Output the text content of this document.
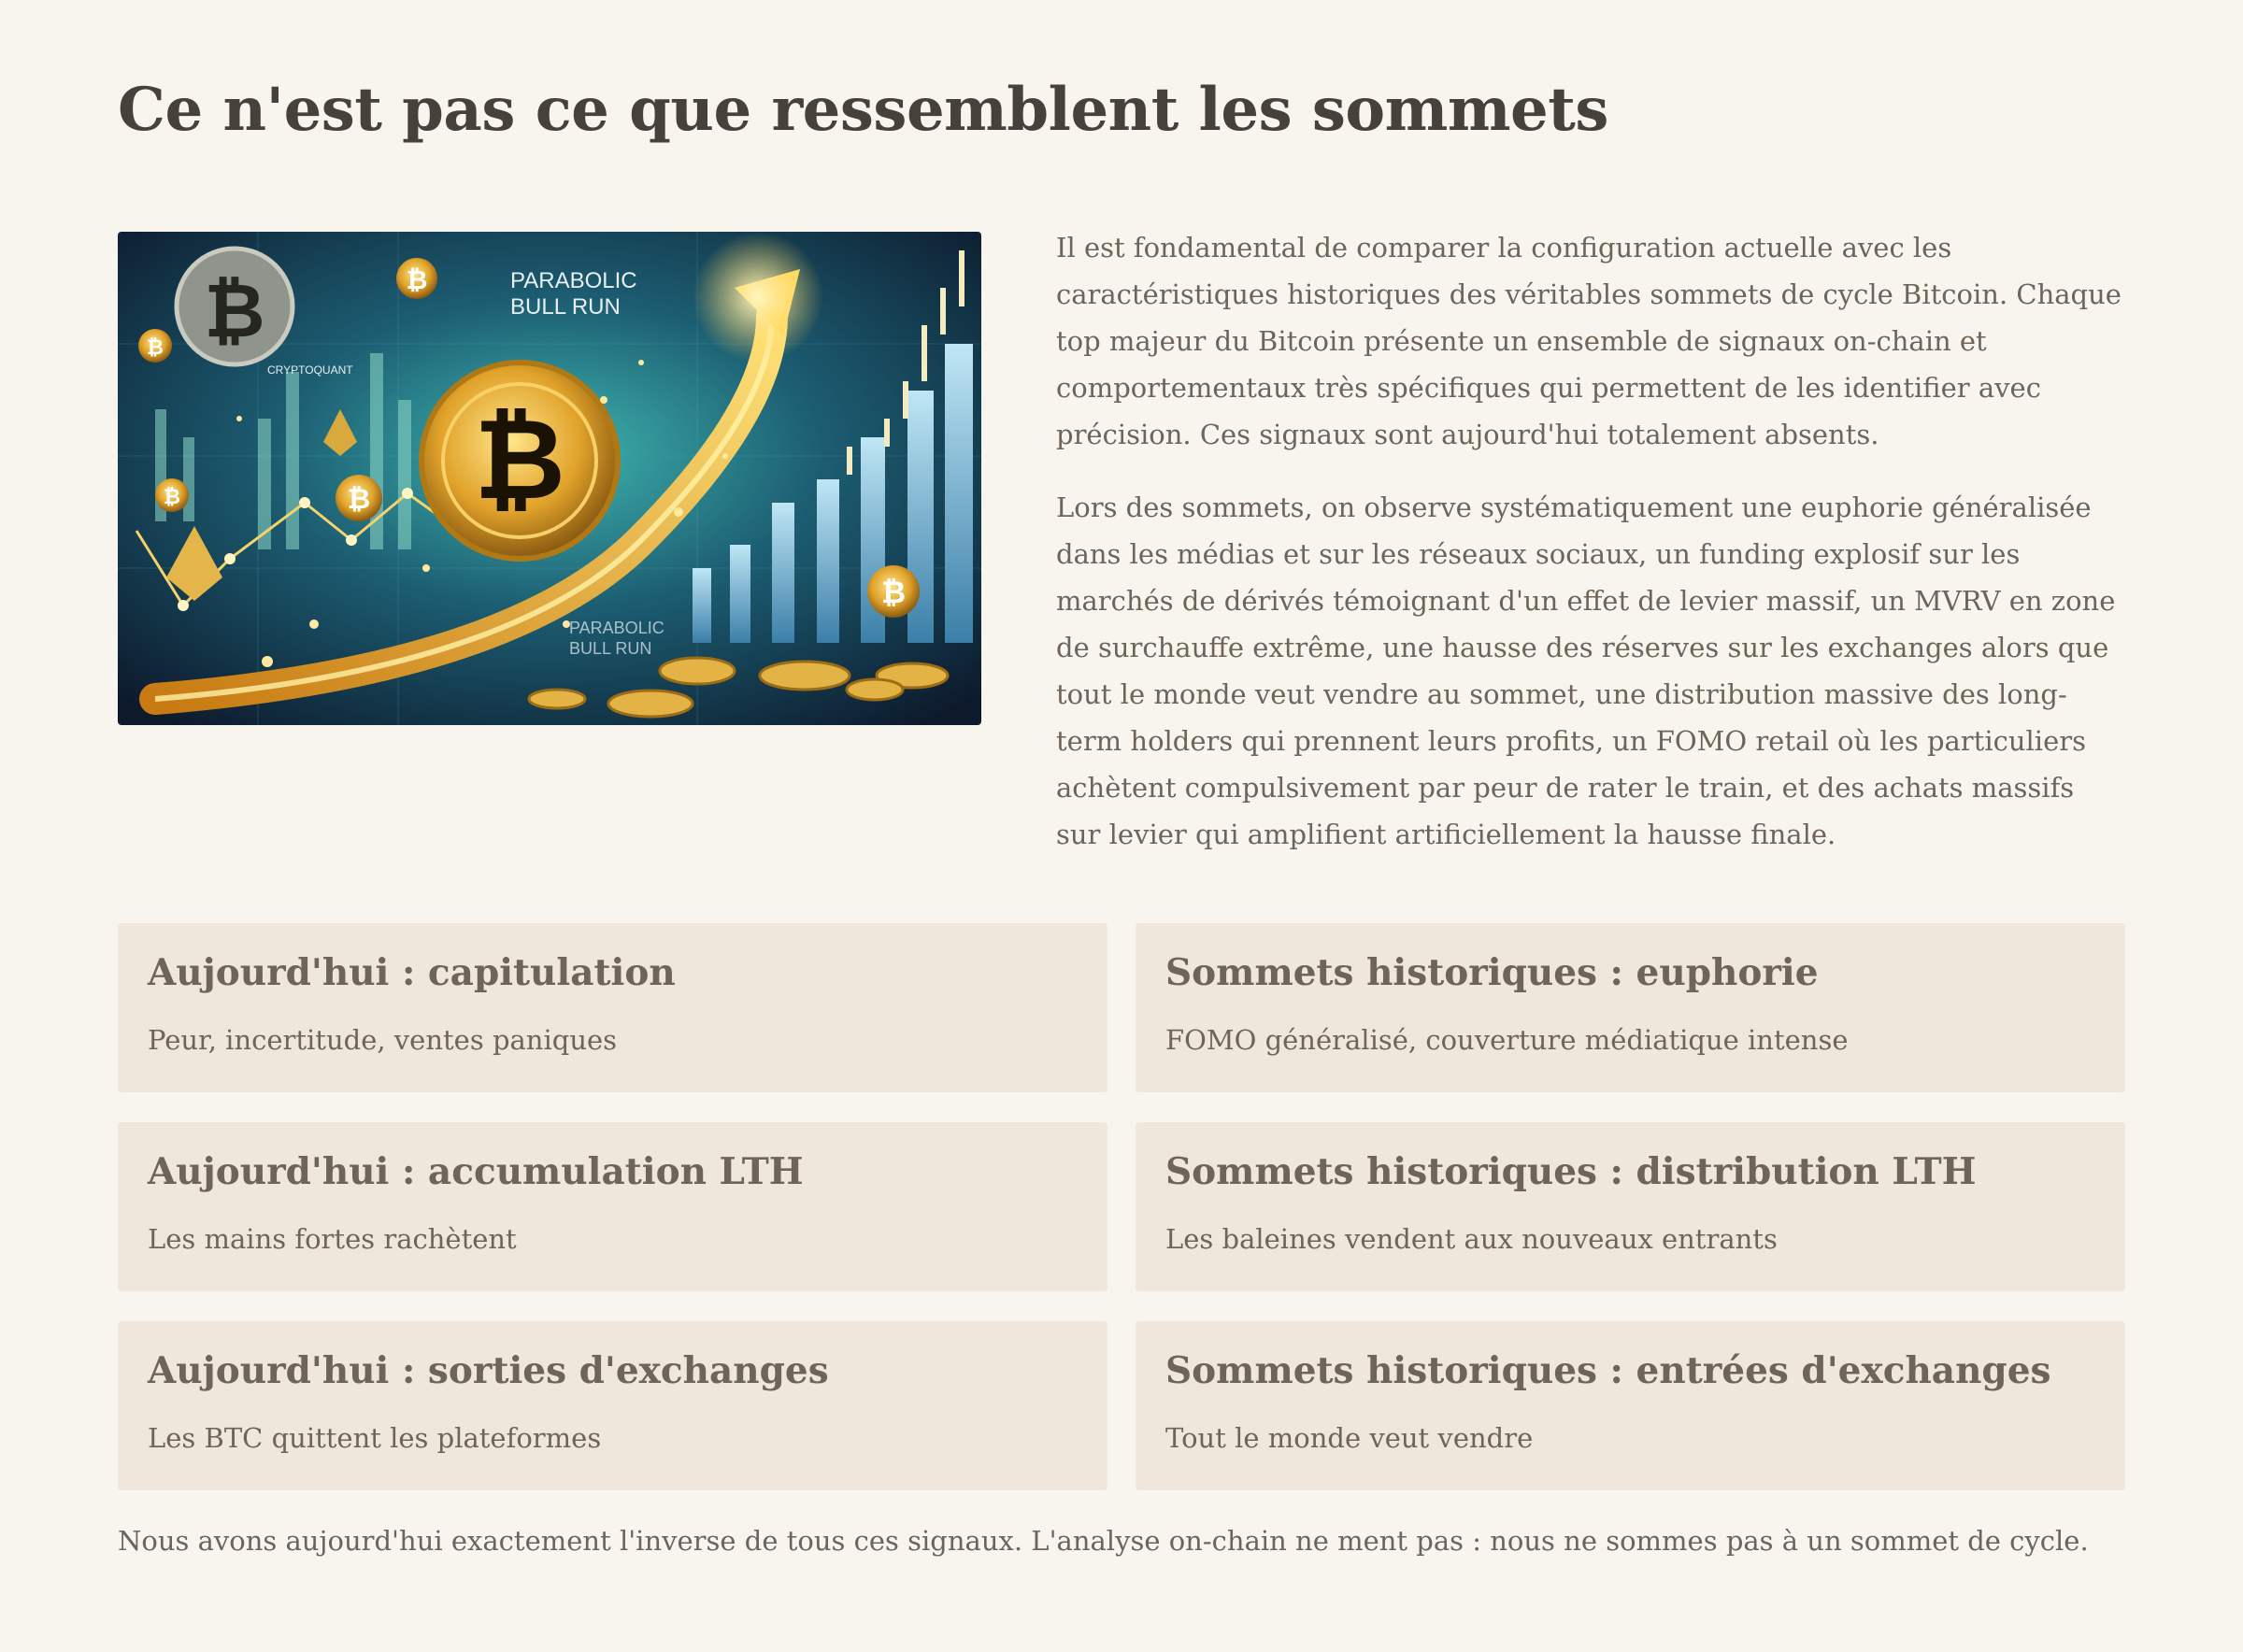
Ce n'est pas ce que ressemblent les sommets
₿
₿	₿
₿
₿	₿
₿
PARABOLIC
BULL RUN
CRYPTOQUANT
PARABOLIC
BULL RUN

Il est fondamental de comparer la configuration actuelle avec les caractéristiques historiques des véritables sommets de cycle Bitcoin. Chaque top majeur du Bitcoin présente un ensemble de signaux on-chain et comportementaux très spécifiques qui permettent de les identifier avec précision. Ces signaux sont aujourd'hui totalement absents.

Lors des sommets, on observe systématiquement une euphorie généralisée dans les médias et sur les réseaux sociaux, un funding explosif sur les marchés de dérivés témoignant d'un effet de levier massif, un MVRV en zone de surchauffe extrême, une hausse des réserves sur les exchanges alors que tout le monde veut vendre au sommet, une distribution massive des long-term holders qui prennent leurs profits, un FOMO retail où les particuliers achètent compulsivement par peur de rater le train, et des achats massifs sur levier qui amplifient artificiellement la hausse finale.

Aujourd'hui : capitulation
Peur, incertitude, ventes paniques
Sommets historiques : euphorie
FOMO généralisé, couverture médiatique intense
Aujourd'hui : accumulation LTH
Les mains fortes rachètent
Sommets historiques : distribution LTH
Les baleines vendent aux nouveaux entrants
Aujourd'hui : sorties d'exchanges
Les BTC quittent les plateformes
Sommets historiques : entrées d'exchanges
Tout le monde veut vendre

Nous avons aujourd'hui exactement l'inverse de tous ces signaux. L'analyse on-chain ne ment pas : nous ne sommes pas à un sommet de cycle.
